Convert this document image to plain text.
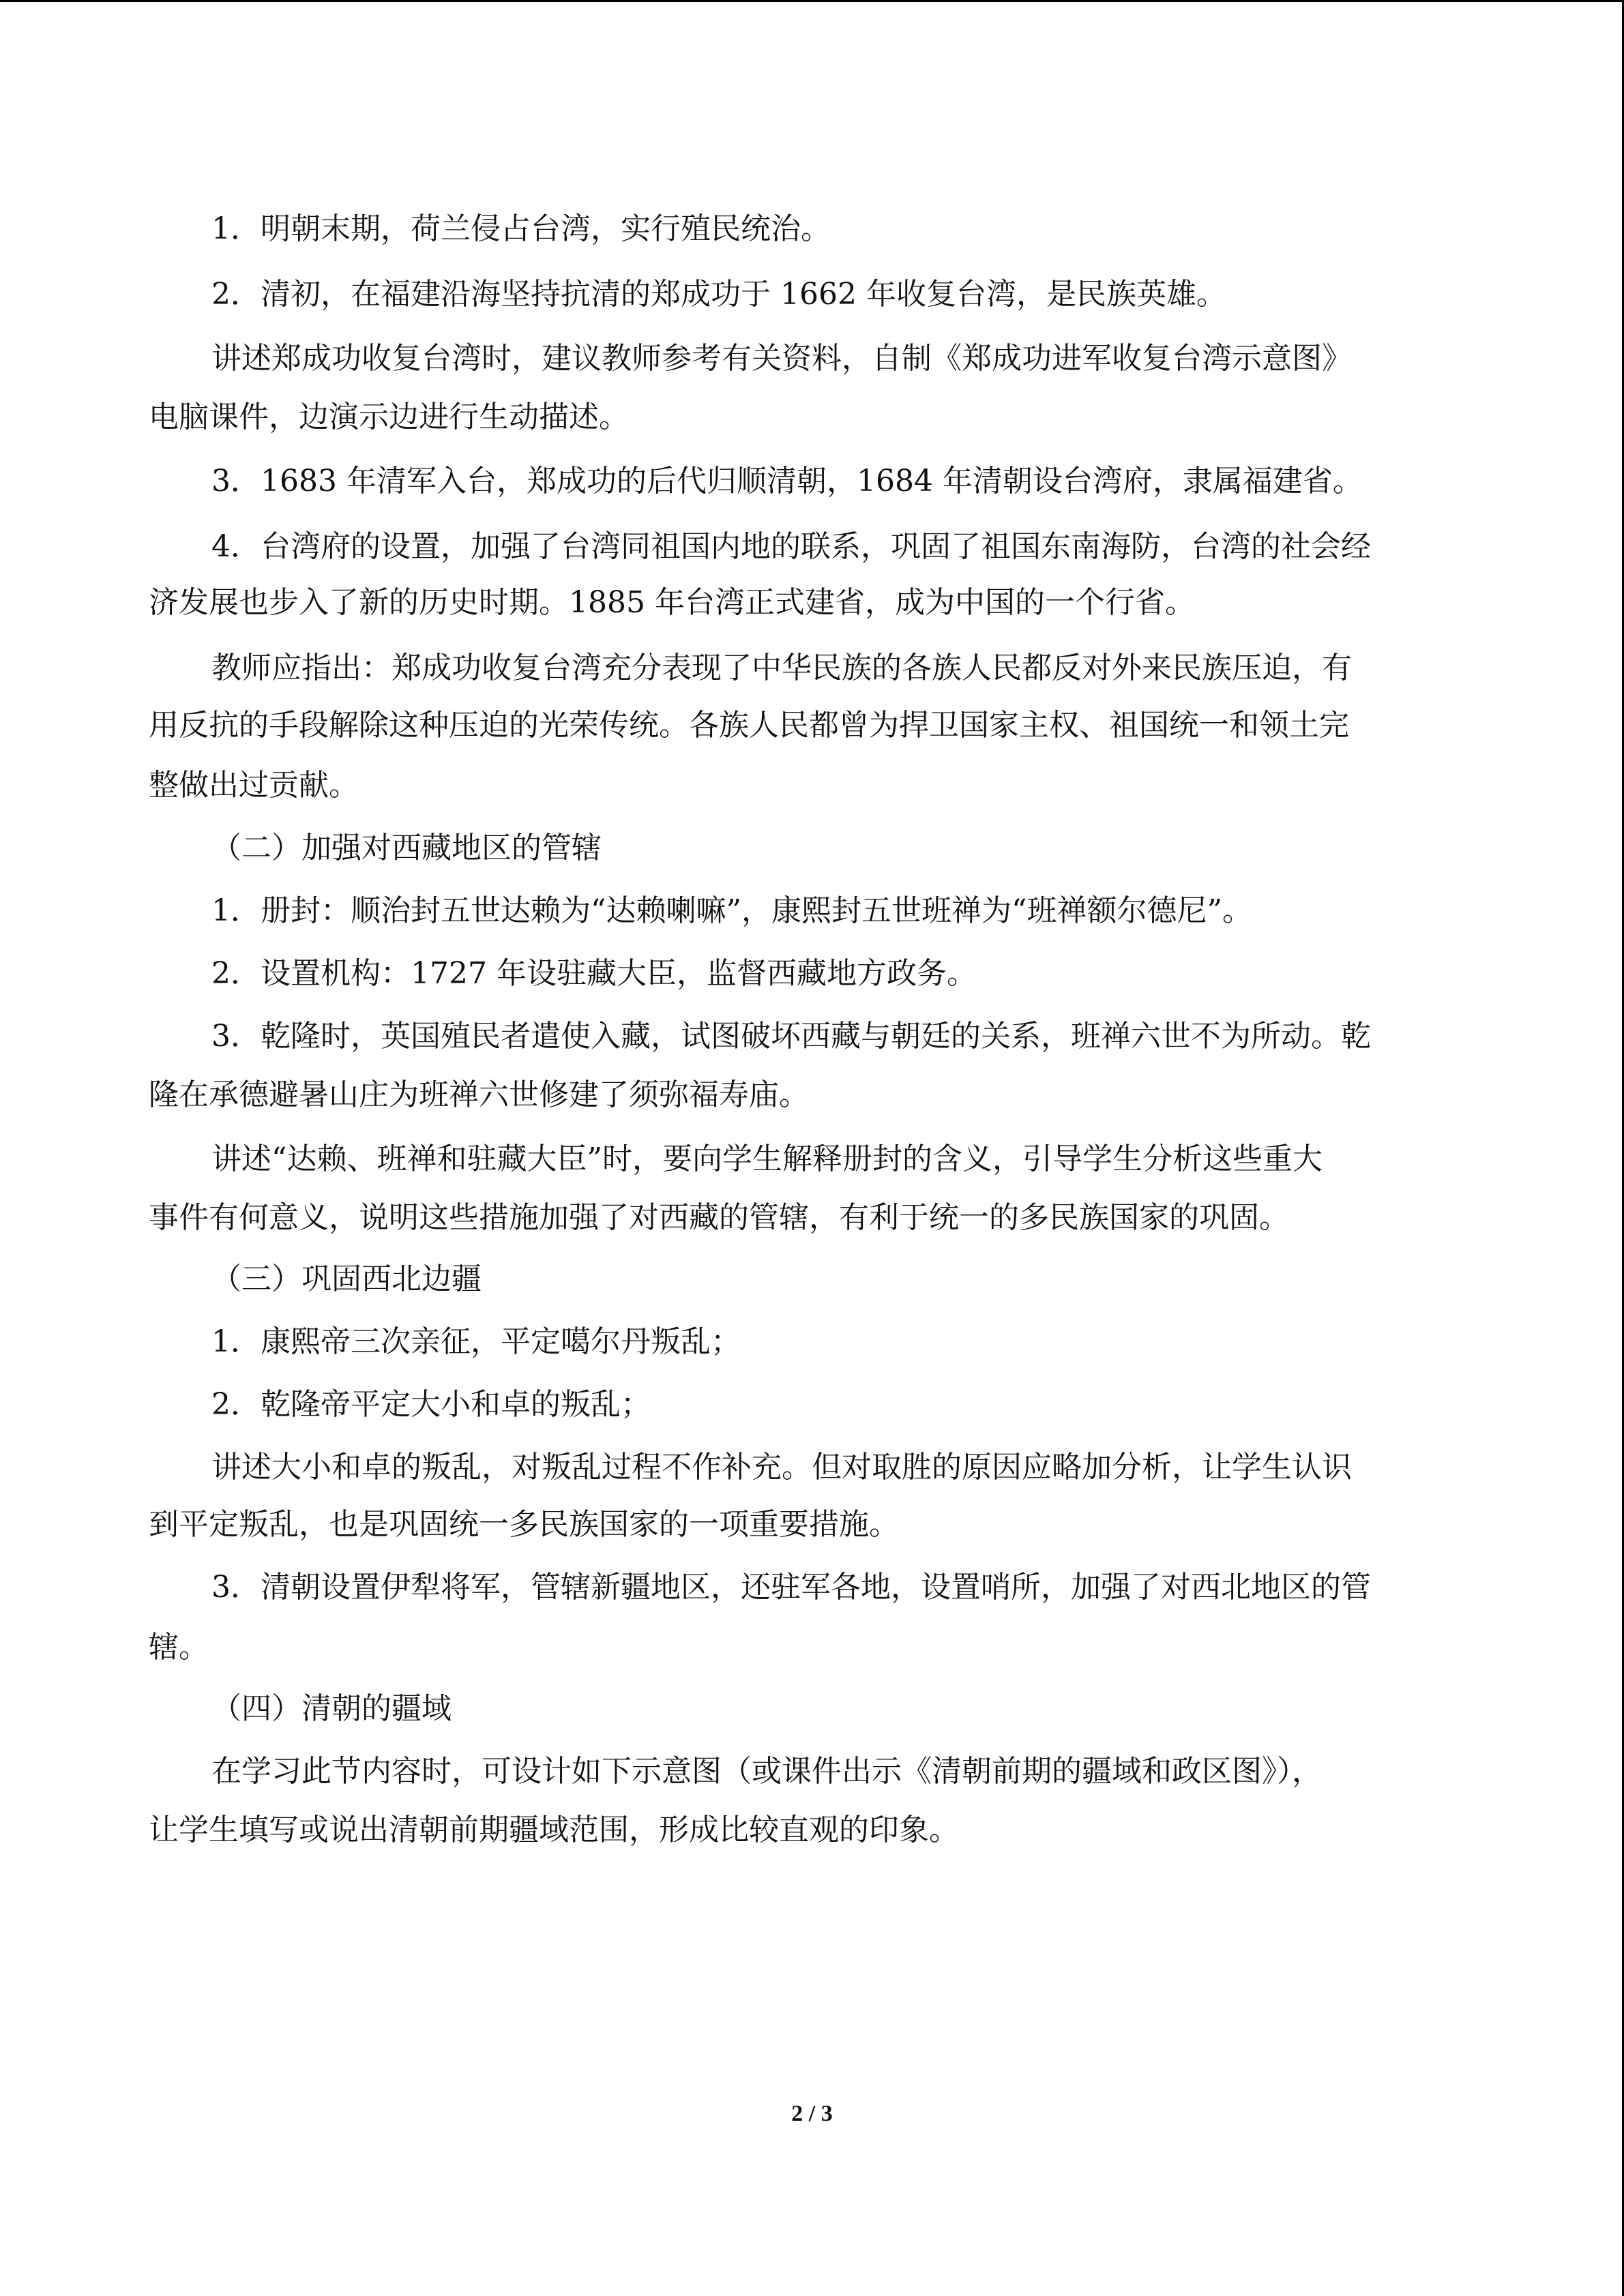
1．明朝末期，荷兰侵占台湾，实行殖民统治。
2．清初，在福建沿海坚持抗清的郑成功于 1662 年收复台湾，是民族英雄。
讲述郑成功收复台湾时，建议教师参考有关资料，自制《郑成功进军收复台湾示意图》
电脑课件，边演示边进行生动描述。
3．1683 年清军入台，郑成功的后代归顺清朝，1684 年清朝设台湾府，隶属福建省。
4．台湾府的设置，加强了台湾同祖国内地的联系，巩固了祖国东南海防，台湾的社会经
济发展也步入了新的历史时期。1885 年台湾正式建省，成为中国的一个行省。
教师应指出：郑成功收复台湾充分表现了中华民族的各族人民都反对外来民族压迫，有
用反抗的手段解除这种压迫的光荣传统。各族人民都曾为捍卫国家主权、祖国统一和领土完
整做出过贡献。
（二）加强对西藏地区的管辖
1．册封：顺治封五世达赖为“达赖喇嘛”，康熙封五世班禅为“班禅额尔德尼”。
2．设置机构：1727 年设驻藏大臣，监督西藏地方政务。
3．乾隆时，英国殖民者遣使入藏，试图破坏西藏与朝廷的关系，班禅六世不为所动。乾
隆在承德避暑山庄为班禅六世修建了须弥福寿庙。
讲述“达赖、班禅和驻藏大臣”时，要向学生解释册封的含义，引导学生分析这些重大
事件有何意义，说明这些措施加强了对西藏的管辖，有利于统一的多民族国家的巩固。
（三）巩固西北边疆
1．康熙帝三次亲征，平定噶尔丹叛乱；
2．乾隆帝平定大小和卓的叛乱；
讲述大小和卓的叛乱，对叛乱过程不作补充。但对取胜的原因应略加分析，让学生认识
到平定叛乱，也是巩固统一多民族国家的一项重要措施。
3．清朝设置伊犁将军，管辖新疆地区，还驻军各地，设置哨所，加强了对西北地区的管
辖。
（四）清朝的疆域
在学习此节内容时，可设计如下示意图（或课件出示《清朝前期的疆域和政区图》），
让学生填写或说出清朝前期疆域范围，形成比较直观的印象。
2 / 3
